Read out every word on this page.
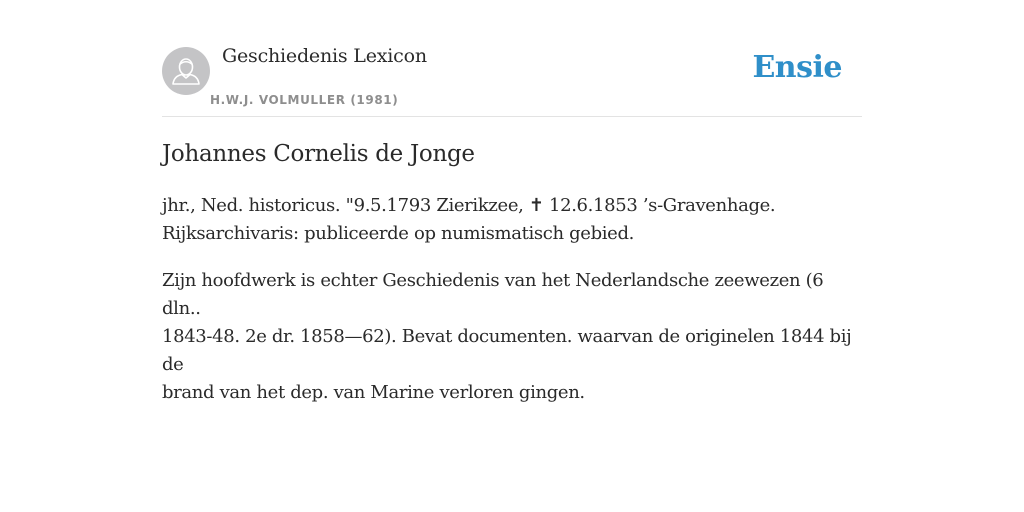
Geschiedenis Lexicon
H.W.J. VOLMULLER (1981)
Ensie
Johannes Cornelis de Jonge

jhr., Ned. historicus. "9.5.1793 Zierikzee, ✝ 12.6.1853 ’s-Gravenhage.
Rijksarchivaris: publiceerde op numismatisch gebied.

Zijn hoofdwerk is echter Geschiedenis van het Nederlandsche zeewezen (6 dln..
1843-48. 2e dr. 1858—62). Bevat documenten. waarvan de originelen 1844 bij de
brand van het dep. van Marine verloren gingen.
